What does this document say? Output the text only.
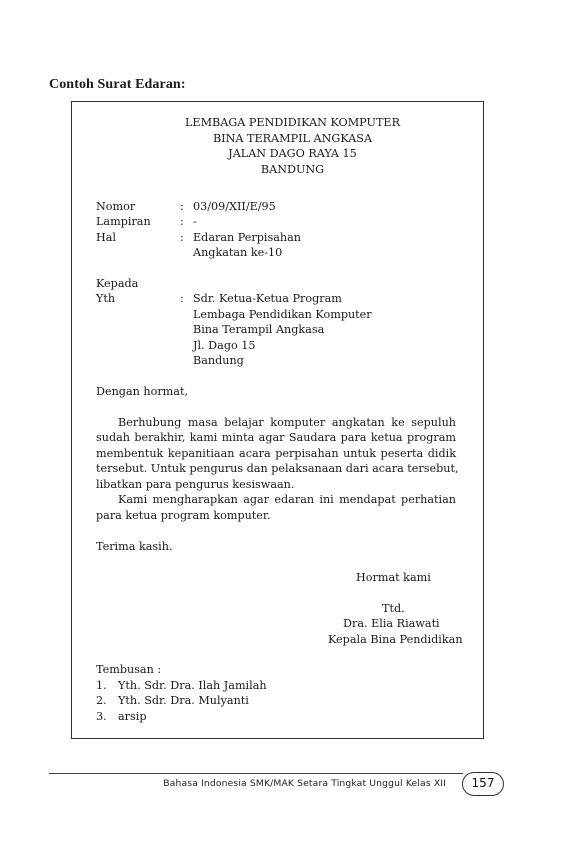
Contoh Surat Edaran:
LEMBAGA PENDIDIKAN KOMPUTER
BINA TERAMPIL ANGKASA
JALAN DAGO RAYA 15
BANDUNG
Nomor	: 03/09/XII/E/95
Lampiran	: -
Hal	: Edaran Perpisahan
Angkatan ke-10
Kepada
Yth	: Sdr. Ketua-Ketua Program
Lembaga Pendidikan Komputer
Bina Terampil Angkasa
Jl. Dago 15
Bandung
Dengan hormat,
Berhubung masa belajar komputer angkatan ke sepuluh
sudah berakhir, kami minta agar Saudara para ketua program
membentuk kepanitiaan acara perpisahan untuk peserta didik
tersebut. Untuk pengurus dan pelaksanaan dari acara tersebut,
libatkan para pengurus kesiswaan.
Kami mengharapkan agar edaran ini mendapat perhatian
para ketua program komputer.
Terima kasih.
Hormat kami
Ttd.
Dra. Elia Riawati
Kepala Bina Pendidikan
Tembusan :
1. Yth. Sdr. Dra. Ilah Jamilah
2. Yth. Sdr. Dra. Mulyanti
3. arsip
Bahasa Indonesia SMK/MAK Setara Tingkat Unggul Kelas XII	157
